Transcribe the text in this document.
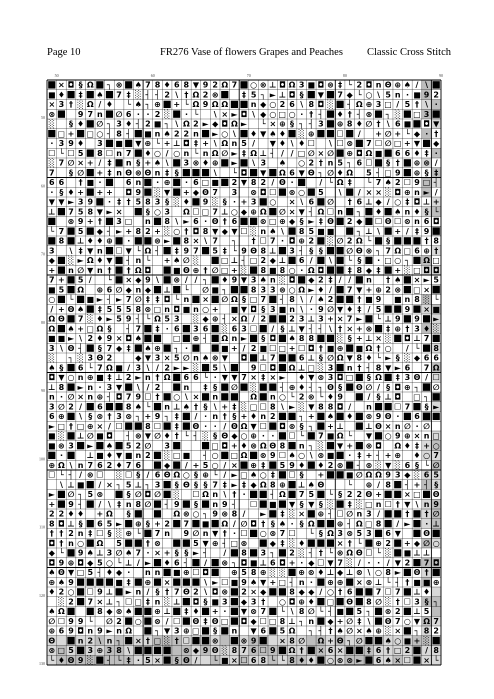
Page 10	FR276 Vase of flowers Grapes and Peaches Classic Cross Stitch
× ◘ § Ω ┐ ⊗ ♠ 7 8 ♦ 6 8 ▼ 9 2 Ω 7 ○ ⊗ ⊥ ◘ Ω 3 ■ ◘ ⊗ ‡ └ 2 ◘ n Θ ⊕ ♠ / \
■ ♦ ‡ ♠ 7 ‡ ░ ┤ ┤ 2 \ † Ω 2 ⊗	‡ 5 ┐ ► ⊥ ◘ § ▼ 7 ◆ └ ○ \ 5 n ∙ ■ 9 2
× 3 † ░ Ω / ♦ └ ♠ ┐ ⊕ + └ Ω 9 Ω Ω	n ◆ ○ 2 6 \ 8 ◘ ░ ┤ Ω ⊕ 3 □ / 5 † \ ∙
⊗	9 7 n ∅ 6 ∙ ∙ 2 ░ ∙ └ \ × ► ◘ \ ◆ ○ □ ○ ∙ † ┤ ♦ † ┤ ⊗ ┐ ░ □ 3
░ § ♦ ∅ ┐ 3 ♦ ┤ 2 ■ ┐ \ Ω 2 ► ◆ ◘ Ω ► └ × ⊕ § ┐ ┤ 3 ⊕ 8 ♦ ∅ † \ 6 ■ ◘ ▼
□ + □ ○ ┤ 8 ┤ ■ n ♠ 2 2 n ► ○ \ ♦ ▼ ♠ ♦ ░ ⊕	☐ / + ∅ + └ ◆ ∙ †
∙ 3 9 ♦ 3 ■ ▼ ⊕ └ + ⊥ ◘ ‡ + \ Ω n 5 / ▼ ♦ \ ♦ ☐ \ ☐ ⊗ 7 ☐ ∅ □ + ▼ ◆
☐ └ ☐ 5 8 ☐ n 7 ♦ ○ / ○ n └ n Ω ∅ ► ‡ Ω ⊥ ┤ / / □ ∅ × ∅ ⊕ ◘ Ω ■ 6 6 ♦ ‡ ∙
░ 7 ∅ × + / ‡ n § + ♠ \ 3 ⊗ ♦ ⊕ ► \ 3 ♠ ○ 2 † n 5 ┐ 6 ☐ § † ⊕ ⊗ /
7 § ∅ + ‡ n Θ ⊗ Θ n ‡ §	\ └ ◘ ▼ Ω 6 ▼ Θ ┐ ∅ ♦ Ω 5 ┤ □ 9 ⊕ § ‡
6 6 † ■ ∙	6 n ∙ ⊕ ∙ 6 □ ■ 2 ▼ 8 2 / Θ ∙	/ └ Ω ‡ └ 7 ♠ 2 ☐ 9 □ ┤
∙ § ♦ + + + ◘ 9 ░ ▼ + ◆ Θ 7 3 ⊗ ◘ ☐ ⊗ ○ 5 \ / × × ░ ◘ ⊕ n ► /
▼ ▼ ► 3 9 ∙ ‡ † 5 8 3 § ░ ♦ 9 ░ § ∙ + 3 ○ × \ 6 ∅ † 6 ⊥ ◆ / ○ ‡ ◘ ⊥ +
⊥ 7 5 8 ▼ ► ×	§ ○ 3 Ω ☐ □ 7 ⊥ ○ ◆ ⊕ Ω ∅ × ▼ ┤ Ω ☐ n ┐ ♦ ♠ n ♦ § └
⊗ 9 + † 3 □ n 8 \ ► 6 ∙ Θ † 6	⊗ □ ⊕ ◆ § ► ‡ Θ 2 ◆ ☐ Θ ☐ ⊗ n 6 ◘
└ 7 5 ◆ ┤ ► + 8 2 + ░ ○ † ◘ 8 ▼ ◆ ▼ ☐ ░ n ♠ \ 8 5 ■ ■	┐ ⊥ \ + / ‡ 9
8 ⊥ ♦ ♦ ⊕ ∙	⊗ ► 8 × \ 7 ┐ † ☐ 7 ∙ ◘ ⊕ 2 ░ ∅ 2 Ω └ §	† 8
3 \ ‡ ▼ n ☐ ▼ └ Ω ┤ ‡ 9 7 5 ‡ └ 9 Θ 8 ⊥ 3 ┤ § §	∅ Θ ⊗ ┐ 7 Ω □ 6 ⊕ †
◆ ░ ► Ω ♦ ▼ ┤ n └ + ♠ ∅ ░	□ ⊥ ┤ □ 2 ◆ ⊥ 6 / \ └ § ∙ □ ○ ┐ Ω □
+ n ∅ ▼ n † † Ω ◘	■ Θ ⊕ † ∅ □ + ░ 8 ■ 8 ○ ∙ Ω ◘	‡ 8 ◆ ‡ + ░ □ ◘ ◘
7 + 5 / └ × ◆ 9 \ ⊗ / / ┐ ♦ 9 ▼ 3 ♠ n ░ ◘ ◆ 2 ‡ / / n † ♠ × ► 5
■ 5 Ω ⊕ 6 ∅ ◆ n ◆ ⊥ └ ∅ ■ ┐	8 3 3 ⊗ ○ Ω ► ♦ / 7 ▼ + ⊕ 2 ⊗ □ ×
○ └ ■ ► ┤ ► 7 ∅ ‡ ‡ ◘ └ n × ∅ Ω § □ 7 ┤ 8 \ / ♠ 2	† ■ 9 ■ n 8 ░ └
/ + Θ ♠ ‡ 5 5 5 8 ⊗ □ n ◘ ■ n ○ + ■ ▼ ◘ § 3 ■ n \ ∙ 9 ∅ ▼ ♦ ‡ / 5	9 × ■
Ω Θ 7 ░ ♦ ► 5 9 ┤ └ Ω 5 3 ░ ◆ ⊕ ┤ × Ω / 2	2 3 ⊥ 3 + × 7 ► └ ⊥ 9 9 ►
Ω ♠ + □ Ω § ┤ 7 ‡ ∙ 6 3 6 ░ 6 3 ☐ / § ⊥ ▼ ┤ ┤ \ † × + ⊗ ‡ ⊕ † 3 ♦ ░
■ ■ ► \ 2 ♦ 9 × ◘ ♠	□ ⊕ ┤ Ω n ► § ◘ ♠ 8 8	░ § + ⊥ × ░ ◘ ⊥ 7
3 \ Θ ┤ § 7 ◆ ‡ ♠ ⊕ ┐ ∙	■ + / 2 ■ ☐ □ + ☐ ◘ † ■ ⊕ ■ Ω † ○ / └ 8
░ ┐ ░ 3 Θ 2	◆ ▼ 3 × 5 ∅ n ♠ ⊗ ▼ ◘ ⊥ 7	6 ⊥ § ∅ Ω ▼ 8 ♦ └ ► § ░ ◆ 6 6
♠ § 6 └ 7 Ω ■ / 3 \ / 2 ► ► ░ 5 \	9 ☐ ◘ Ω ⊥ □ ░ 3 n † ┤ 8 ▼ ► 6 7 Ω
◘ ▼ ○ n ⊕ ■ ‡ ⊥ 2 ► n † Ω 6 6 └ ∙ ▼ ▼ 7 × ‡ × ► ♦ ▼ ⊗ 3 ◘ □ § Ω ‡ 3 Θ / ☐
⊥ 8 ► n ∙ 3 ▼ \ / 2	n ‡ § ∅ ░	┤ ⊕ ♦ ┤ ┐ Θ § Θ ∅ / § ◘ ⊕ ┐ ∅
n ∙ ∅ × n ⊕ ┤ ◘ 7 9 ☐ † ○ \ × n	Ω n ○ └ 2 ⊗ └ ♦ 9	/ § ⊥ ◘ □ ┐
3 ∅ 2 / 6	8 ♠ └ n ⊥ ♠ † § \ + ‡ ░ □ ☐ 8 \ ► ░ ▼ 8 8 ◘ / n	☐ 7 § ►
6 ⊕ \ § ⊗ † 3 ⊗ ┐ + 9 ┐ ‡ / ∙ n † § + ♦ n 2	┐ + ♠ ♦ ⊗ 9 Θ ∙ 6
► □ † □ ⊕ × / ☐	8 ☐ ‡ Θ ∙ ∙ / Θ Ω ▼ ☐ ◘ ⊗ § ┐ + ⊥	⊥ Θ × n ∅ ∙ ∅
■ ░ ⊥ ∅ ■ ◘ ┤ ⊗ ▼ ∅ ♦ † └ ┤ ░ § Θ ◆ ○ ⊕ ∙ ∙ ☐ └ 7 ■ Ω └ ▼ ○ 9 ⊕ × n □
■ ⊗ 3 ► ♠ 5 2 ∅ 3	□ ◘ + ♦ ⊗ Ω Θ 8 n ┐ ░ ▼ + ⊗ ◘ Ω ♦ ‡ + ○
∙	⊥ ■ ♦ ▼ ■ n 2 ░ □ ■ ┤ ○ □ Ω ⊗ 9 ☐ ♠ ○ \ ⊗ ■ ∙ ‡ + ┤ + ⊕ ♦ ○ 7
⊕ Ω \ n 7 6 2 ♦ 7 6	◆ / + 5 ○ / × ⊕ ‡ 5 9 ♦ ♦ 2 ⊗ ┤ ⊗ ░ ▼ ░ 6 § └ ∅
☐ └ ┤ / ⊗ ☐ ░ ☐ § / 6 Θ Ω ○ § ⊕ └ / ► □ ♠ ○ ‡ ☐ § +	■ ∅ Ω Ω 9 3 ◆ ░ 6 5
\ ⊥ ■ / × ┐ 5 ⊥ ┐ 3 § Θ § § 7 ‡ ► ‡ ◆ Ω 8 ⊕ ⊥ ♠ Θ	└ ⊕ / 8 ┤ + ┤ §
► ∅ ┐ 5 ⊗	§ ∅ ◘ ∅ ░ ☐ Ω n \ † ∙	┤ Ω 7 5 └ § 2 2 Θ +	× □ Θ
+ 9 ┤ / \ ‡ n 8 ∅ ┤ 9 § n 9 ┤ ☐ ■ ▼ § ▼ § ░ ‡ ░ □ n ☐ † ▼ \ n 9
2 2 ♦ ♦ + Ω §	Ω ⊗ ○ ┐ 9 ⊗ 8 / ► ‡ ░ × ⊕ ┤ ☐ ∅ n 3 /	† † ∅
8 ◘ ⊥ § 6 5 ► ⊕ § + 2 7 ■ Ω / ∅ ◘ † § ♠ ∙ § Ω	⊕ ┤ Ω □ 8 / ► ∙ ⊥
† † 2 n ‡ ☐ § ░ ⊕ └ 7 n 9 ∅ n ▼ † ∙ ☐ ○ ⊗ 7 ☐ └ § Ω 3 ⊗ 5 3 6 ▼	Θ
◘ † n ○ Ω 5	† ⊗	5 ▼ ⊕ ┤ □ ⊗	◆ ‡ ░ ♦	× † └ ⊕ 2 + ◆ ∅ ○
◆ └ 9 ♠ ⊥ 3 ∅ ♠ 7 ∙ × + § § ► ┤ / 8 3 ┐ 2 ░ ┤ † └ ⊗ Ω Θ ☐ └ ░ ■ ⊥ ⊥
◘ 9 ⊕ ◘ ◆ 5 ○ └ ⊥ / ► ♦ 6 ┤ / ⊗ ┐ ◘ ■ ⊥ 6 ◘ + ∙ ◆ ☐ ▼ 7 ░ / ∙ ∙ / ▼ 2 7 ◘
♠ Θ ▼ □ 5 ┤ ♦ ◆ ∙ n n ■ ⊕ ☐ ◘	⊕ 5 8 ⊕ ░ ░ ⊕ ⊗ ♦ ⊥ ◆ ⊥ ⊗ \ ○ 8 ► Θ †
⊕ ♠ 9	■ ‡ ⊕ ×	\ ► ☐ ■ 9 ♠ ▼ + □ ┤ n ∙ ⊕ ⊕ × ⊗ ⊥ └ ┤ † ■ ■ ⊕
♦ 2 ○ ☐ 9 ⊥ ► n / § † 7 Θ 2 \ ◘ ⊗ 2 × ◆	8 ◆ ◆ / ○ † 6	7 ☐ 7 ⊥ ♦
░ 2 7 × ⊥ ┐ ☐ □ ‡ n ░ ⊥ ◘ § ■ 3 ◆ 3 † ○ ◘ ⊕ ♦ □ Θ 8 ∅ ░ † ☐ 3 § ┐
♠ Ω	8 ◆ ⊗ ♠	⊕ ⊥ ‡ ♦ + ∙ ▼ ⊗ 7 └ \ 8 ∅ └ ┤ ■ 5 ┐ ⊗ 2 ⊥ 5
∅ ☐ 9 9 └ ∅ 2 ○ ⊗ / ☐ Θ ‡ Θ □ ◘ ◆ ☐ □ 8 ⊥ ┐ n ◆ + ∅ ‡ \ Θ 7 ○ ▼ Ω 7
⊕ 6 9 ◘ n 9 ► n Ω	┐ ▼ 3 ⊕ □ § n ▼ 6 5 Ω ┐ ┤ † ♠ ∅ × ♠ ⊕ ░ × ┐ 8 2
Θ	n 2 \ n ┐ × † □ ░ † ☐	⊗	⊗ 9	× 8 ∅ Ω + Θ ┐ ∅	♠ ○ ■ + ░
⊗ □ 5 3 ⊕ 3 8 \	⊗ ◆ 9 Θ ░ 8 7 6 ☐ 9 Ω † × 6 ×	‡ 6 † □ 2 / 8
└ ♦ Θ 9 ░ ┤ └ ‡ ∙ 5 × § Θ / └ ■ × ☐ 6 8 └ └ 8 ♦ ♦ ○ ⊗ ⊗ ► 6 ♠ × ☐ × └
50	60	70	80	90
50
60
70
80
90
100
110
120
130
